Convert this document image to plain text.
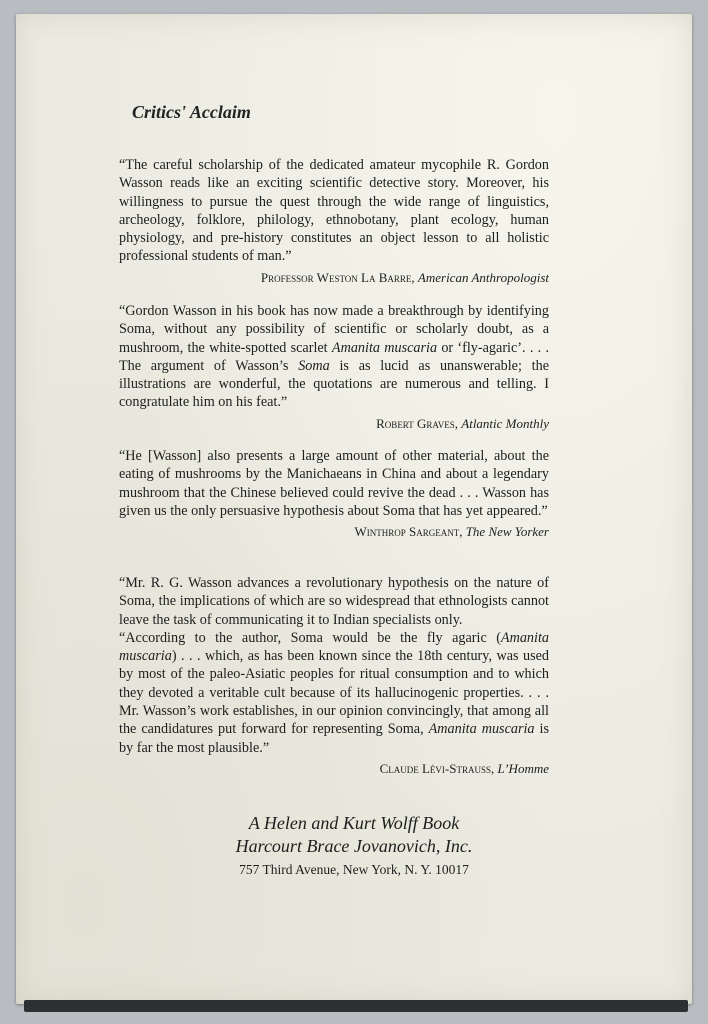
Critics' Acclaim

“The careful scholarship of the dedicated amateur mycophile R. Gordon Wasson reads like an exciting scientific detective story. Moreover, his willingness to pursue the quest through the wide range of linguistics, archeology, folklore, philology, ethnobotany, plant ecology, human physiology, and pre-history constitutes an object lesson to all holistic professional students of man.”

Professor Weston La Barre, American Anthropologist

“Gordon Wasson in his book has now made a breakthrough by identifying Soma, without any possibility of scientific or scholarly doubt, as a mushroom, the white-spotted scarlet Amanita muscaria or ‘fly-agaric’. . . . The argument of Wasson’s Soma is as lucid as unanswerable; the illustrations are wonderful, the quotations are numerous and telling. I congratulate him on his feat.”

Robert Graves, Atlantic Monthly

“He [Wasson] also presents a large amount of other material, about the eating of mushrooms by the Manichaeans in China and about a legendary mushroom that the Chinese believed could revive the dead . . . Wasson has given us the only persuasive hypothesis about Soma that has yet appeared.”

Winthrop Sargeant, The New Yorker

“Mr. R. G. Wasson advances a revolutionary hypothesis on the nature of Soma, the implications of which are so widespread that ethnologists cannot leave the task of communicating it to Indian specialists only.

“According to the author, Soma would be the fly agaric (Amanita muscaria) . . . which, as has been known since the 18th century, was used by most of the paleo-Asiatic peoples for ritual consumption and to which they devoted a veritable cult because of its hallucinogenic properties. . . . Mr. Wasson’s work establishes, in our opinion convincingly, that among all the candidatures put forward for representing Soma, Amanita muscaria is by far the most plausible.”

Claude Lévi-Strauss, L’Homme
A Helen and Kurt Wolff Book
Harcourt Brace Jovanovich, Inc.
757 Third Avenue, New York, N. Y. 10017
